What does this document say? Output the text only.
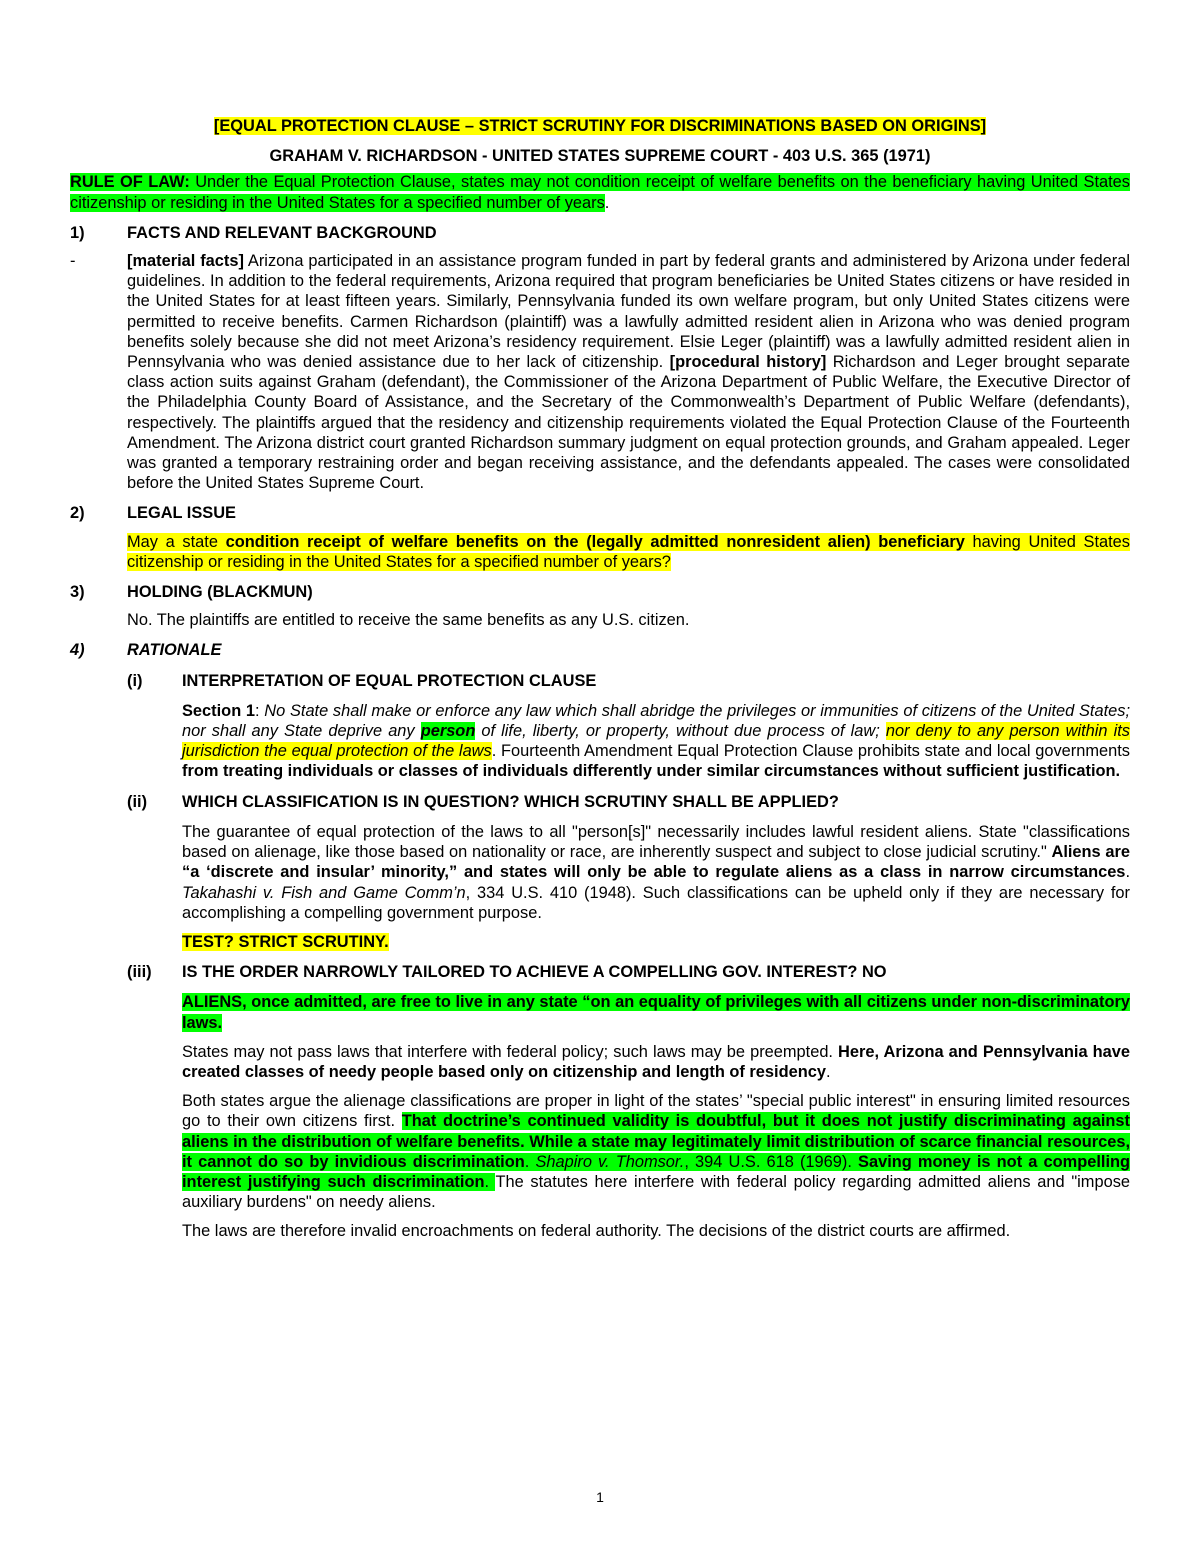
[EQUAL PROTECTION CLAUSE – STRICT SCRUTINY FOR DISCRIMINATIONS BASED ON ORIGINS]

GRAHAM V. RICHARDSON - UNITED STATES SUPREME COURT - 403 U.S. 365 (1971)

RULE OF LAW: Under the Equal Protection Clause, states may not condition receipt of welfare benefits on the beneficiary having United States citizenship or residing in the United States for a specified number of years.

1)	FACTS AND RELEVANT BACKGROUND
-	[material facts] Arizona participated in an assistance program funded in part by federal grants and administered by Arizona under federal guidelines. In addition to the federal requirements, Arizona required that program beneficiaries be United States citizens or have resided in the United States for at least fifteen years. Similarly, Pennsylvania funded its own welfare program, but only United States citizens were permitted to receive benefits. Carmen Richardson (plaintiff) was a lawfully admitted resident alien in Arizona who was denied program benefits solely because she did not meet Arizona’s residency requirement. Elsie Leger (plaintiff) was a lawfully admitted resident alien in Pennsylvania who was denied assistance due to her lack of citizenship. [procedural history] Richardson and Leger brought separate class action suits against Graham (defendant), the Commissioner of the Arizona Department of Public Welfare, the Executive Director of the Philadelphia County Board of Assistance, and the Secretary of the Commonwealth’s Department of Public Welfare (defendants), respectively. The plaintiffs argued that the residency and citizenship requirements violated the Equal Protection Clause of the Fourteenth Amendment. The Arizona district court granted Richardson summary judgment on equal protection grounds, and Graham appealed. Leger was granted a temporary restraining order and began receiving assistance, and the defendants appealed. The cases were consolidated before the United States Supreme Court.
2)	LEGAL ISSUE

May a state condition receipt of welfare benefits on the (legally admitted nonresident alien) beneficiary having United States citizenship or residing in the United States for a specified number of years?

3)	HOLDING (BLACKMUN)

No. The plaintiffs are entitled to receive the same benefits as any U.S. citizen.

4)	RATIONALE
(i)	INTERPRETATION OF EQUAL PROTECTION CLAUSE

Section 1: No State shall make or enforce any law which shall abridge the privileges or immunities of citizens of the United States; nor shall any State deprive any person of life, liberty, or property, without due process of law; nor deny to any person within its jurisdiction the equal protection of the laws. Fourteenth Amendment Equal Protection Clause prohibits state and local governments from treating individuals or classes of individuals differently under similar circumstances without sufficient justification.

(ii)	WHICH CLASSIFICATION IS IN QUESTION? WHICH SCRUTINY SHALL BE APPLIED?

The guarantee of equal protection of the laws to all "person[s]" necessarily includes lawful resident aliens. State "classifications based on alienage, like those based on nationality or race, are inherently suspect and subject to close judicial scrutiny." Aliens are “a ‘discrete and insular’ minority,” and states will only be able to regulate aliens as a class in narrow circumstances. Takahashi v. Fish and Game Comm’n, 334 U.S. 410 (1948). Such classifications can be upheld only if they are necessary for accomplishing a compelling government purpose.

TEST? STRICT SCRUTINY.

(iii)	IS THE ORDER NARROWLY TAILORED TO ACHIEVE A COMPELLING GOV. INTEREST? NO

ALIENS, once admitted, are free to live in any state “on an equality of privileges with all citizens under non-discriminatory laws.

States may not pass laws that interfere with federal policy; such laws may be preempted. Here, Arizona and Pennsylvania have created classes of needy people based only on citizenship and length of residency.

Both states argue the alienage classifications are proper in light of the states’ "special public interest" in ensuring limited resources go to their own citizens first. That doctrine’s continued validity is doubtful, but it does not justify discriminating against aliens in the distribution of welfare benefits. While a state may legitimately limit distribution of scarce financial resources, it cannot do so by invidious discrimination. Shapiro v. Thomsor., 394 U.S. 618 (1969). Saving money is not a compelling interest justifying such discrimination. The statutes here interfere with federal policy regarding admitted aliens and "impose auxiliary burdens" on needy aliens.

The laws are therefore invalid encroachments on federal authority. The decisions of the district courts are affirmed.

1
